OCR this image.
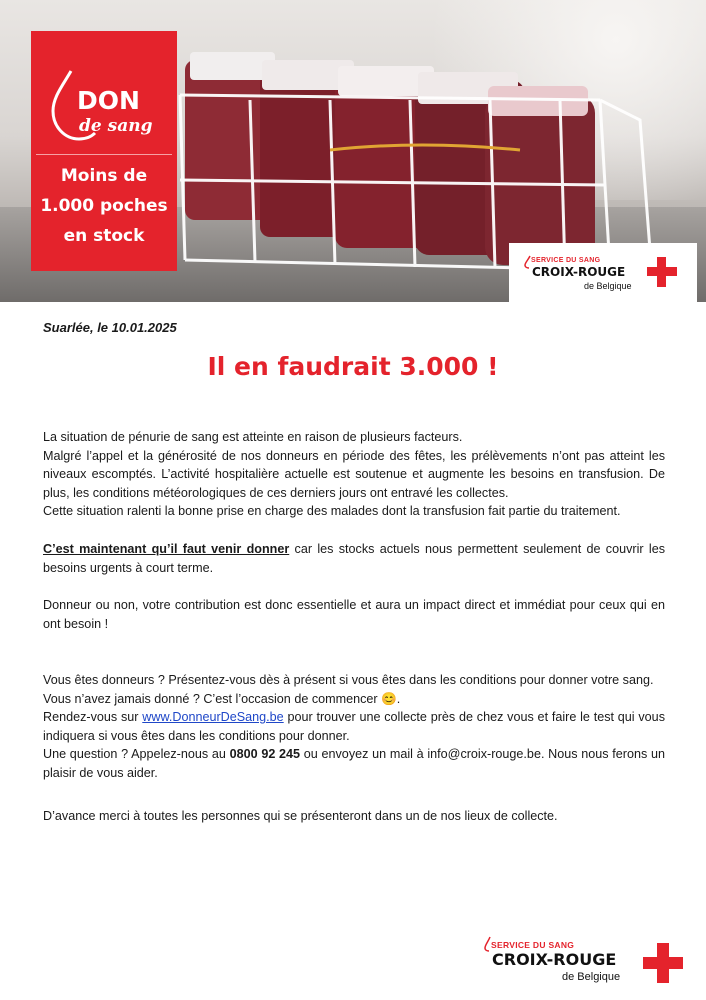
DON
de sang
Moins de
1.000 poches
en stock
SERVICE DU SANG
CROIX-ROUGE
de Belgique
Suarlée, le 10.01.2025
Il en faudrait 3.000 !

La situation de pénurie de sang est atteinte en raison de plusieurs facteurs.

Malgré l’appel et la générosité de nos donneurs en période des fêtes, les prélèvements n’ont pas atteint les niveaux escomptés. L’activité hospitalière actuelle est soutenue et augmente les besoins en transfusion. De plus, les conditions météorologiques de ces derniers jours ont entravé les collectes.

Cette situation ralenti la bonne prise en charge des malades dont la transfusion fait partie du traitement.

C’est maintenant qu’il faut venir donner car les stocks actuels nous permettent seulement de couvrir les besoins urgents à court terme.

Donneur ou non, votre contribution est donc essentielle et aura un impact direct et immédiat pour ceux qui en ont besoin !

Vous êtes donneurs ? Présentez-vous dès à présent si vous êtes dans les conditions pour donner votre sang.

Vous n’avez jamais donné ? C’est l’occasion de commencer 😊.

Rendez-vous sur www.DonneurDeSang.be pour trouver une collecte près de chez vous et faire le test qui vous indiquera si vous êtes dans les conditions pour donner.

Une question ? Appelez-nous au 0800 92 245 ou envoyez un mail à info@croix-rouge.be. Nous nous ferons un plaisir de vous aider.

D’avance merci à toutes les personnes qui se présenteront dans un de nos lieux de collecte.

SERVICE DU SANG
CROIX-ROUGE
de Belgique
